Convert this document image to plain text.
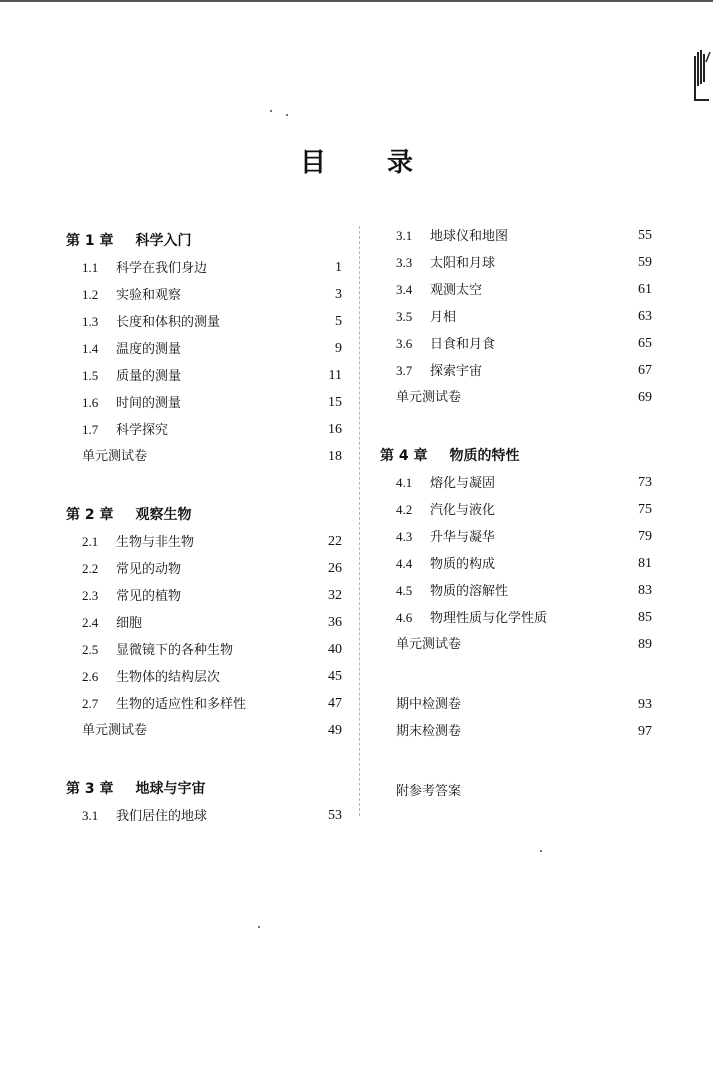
目 录
第 1 章 科学入门
1.1 科学在我们身边	1
1.2 实验和观察	3
1.3 长度和体积的测量	5
1.4 温度的测量	9
1.5 质量的测量	11
1.6 时间的测量	15
1.7 科学探究	16
单元测试卷	18
第 2 章 观察生物
2.1 生物与非生物	22
2.2 常见的动物	26
2.3 常见的植物	32
2.4 细胞	36
2.5 显微镜下的各种生物	40
2.6 生物体的结构层次	45
2.7 生物的适应性和多样性	47
单元测试卷	49
第 3 章 地球与宇宙
3.1 我们居住的地球	53
3.1 地球仪和地图	55
3.3 太阳和月球	59
3.4 观测太空	61
3.5 月相	63
3.6 日食和月食	65
3.7 探索宇宙	67
单元测试卷	69
第 4 章 物质的特性
4.1 熔化与凝固	73
4.2 汽化与液化	75
4.3 升华与凝华	79
4.4 物质的构成	81
4.5 物质的溶解性	83
4.6 物理性质与化学性质	85
单元测试卷	89
期中检测卷	93
期末检测卷	97
附参考答案
